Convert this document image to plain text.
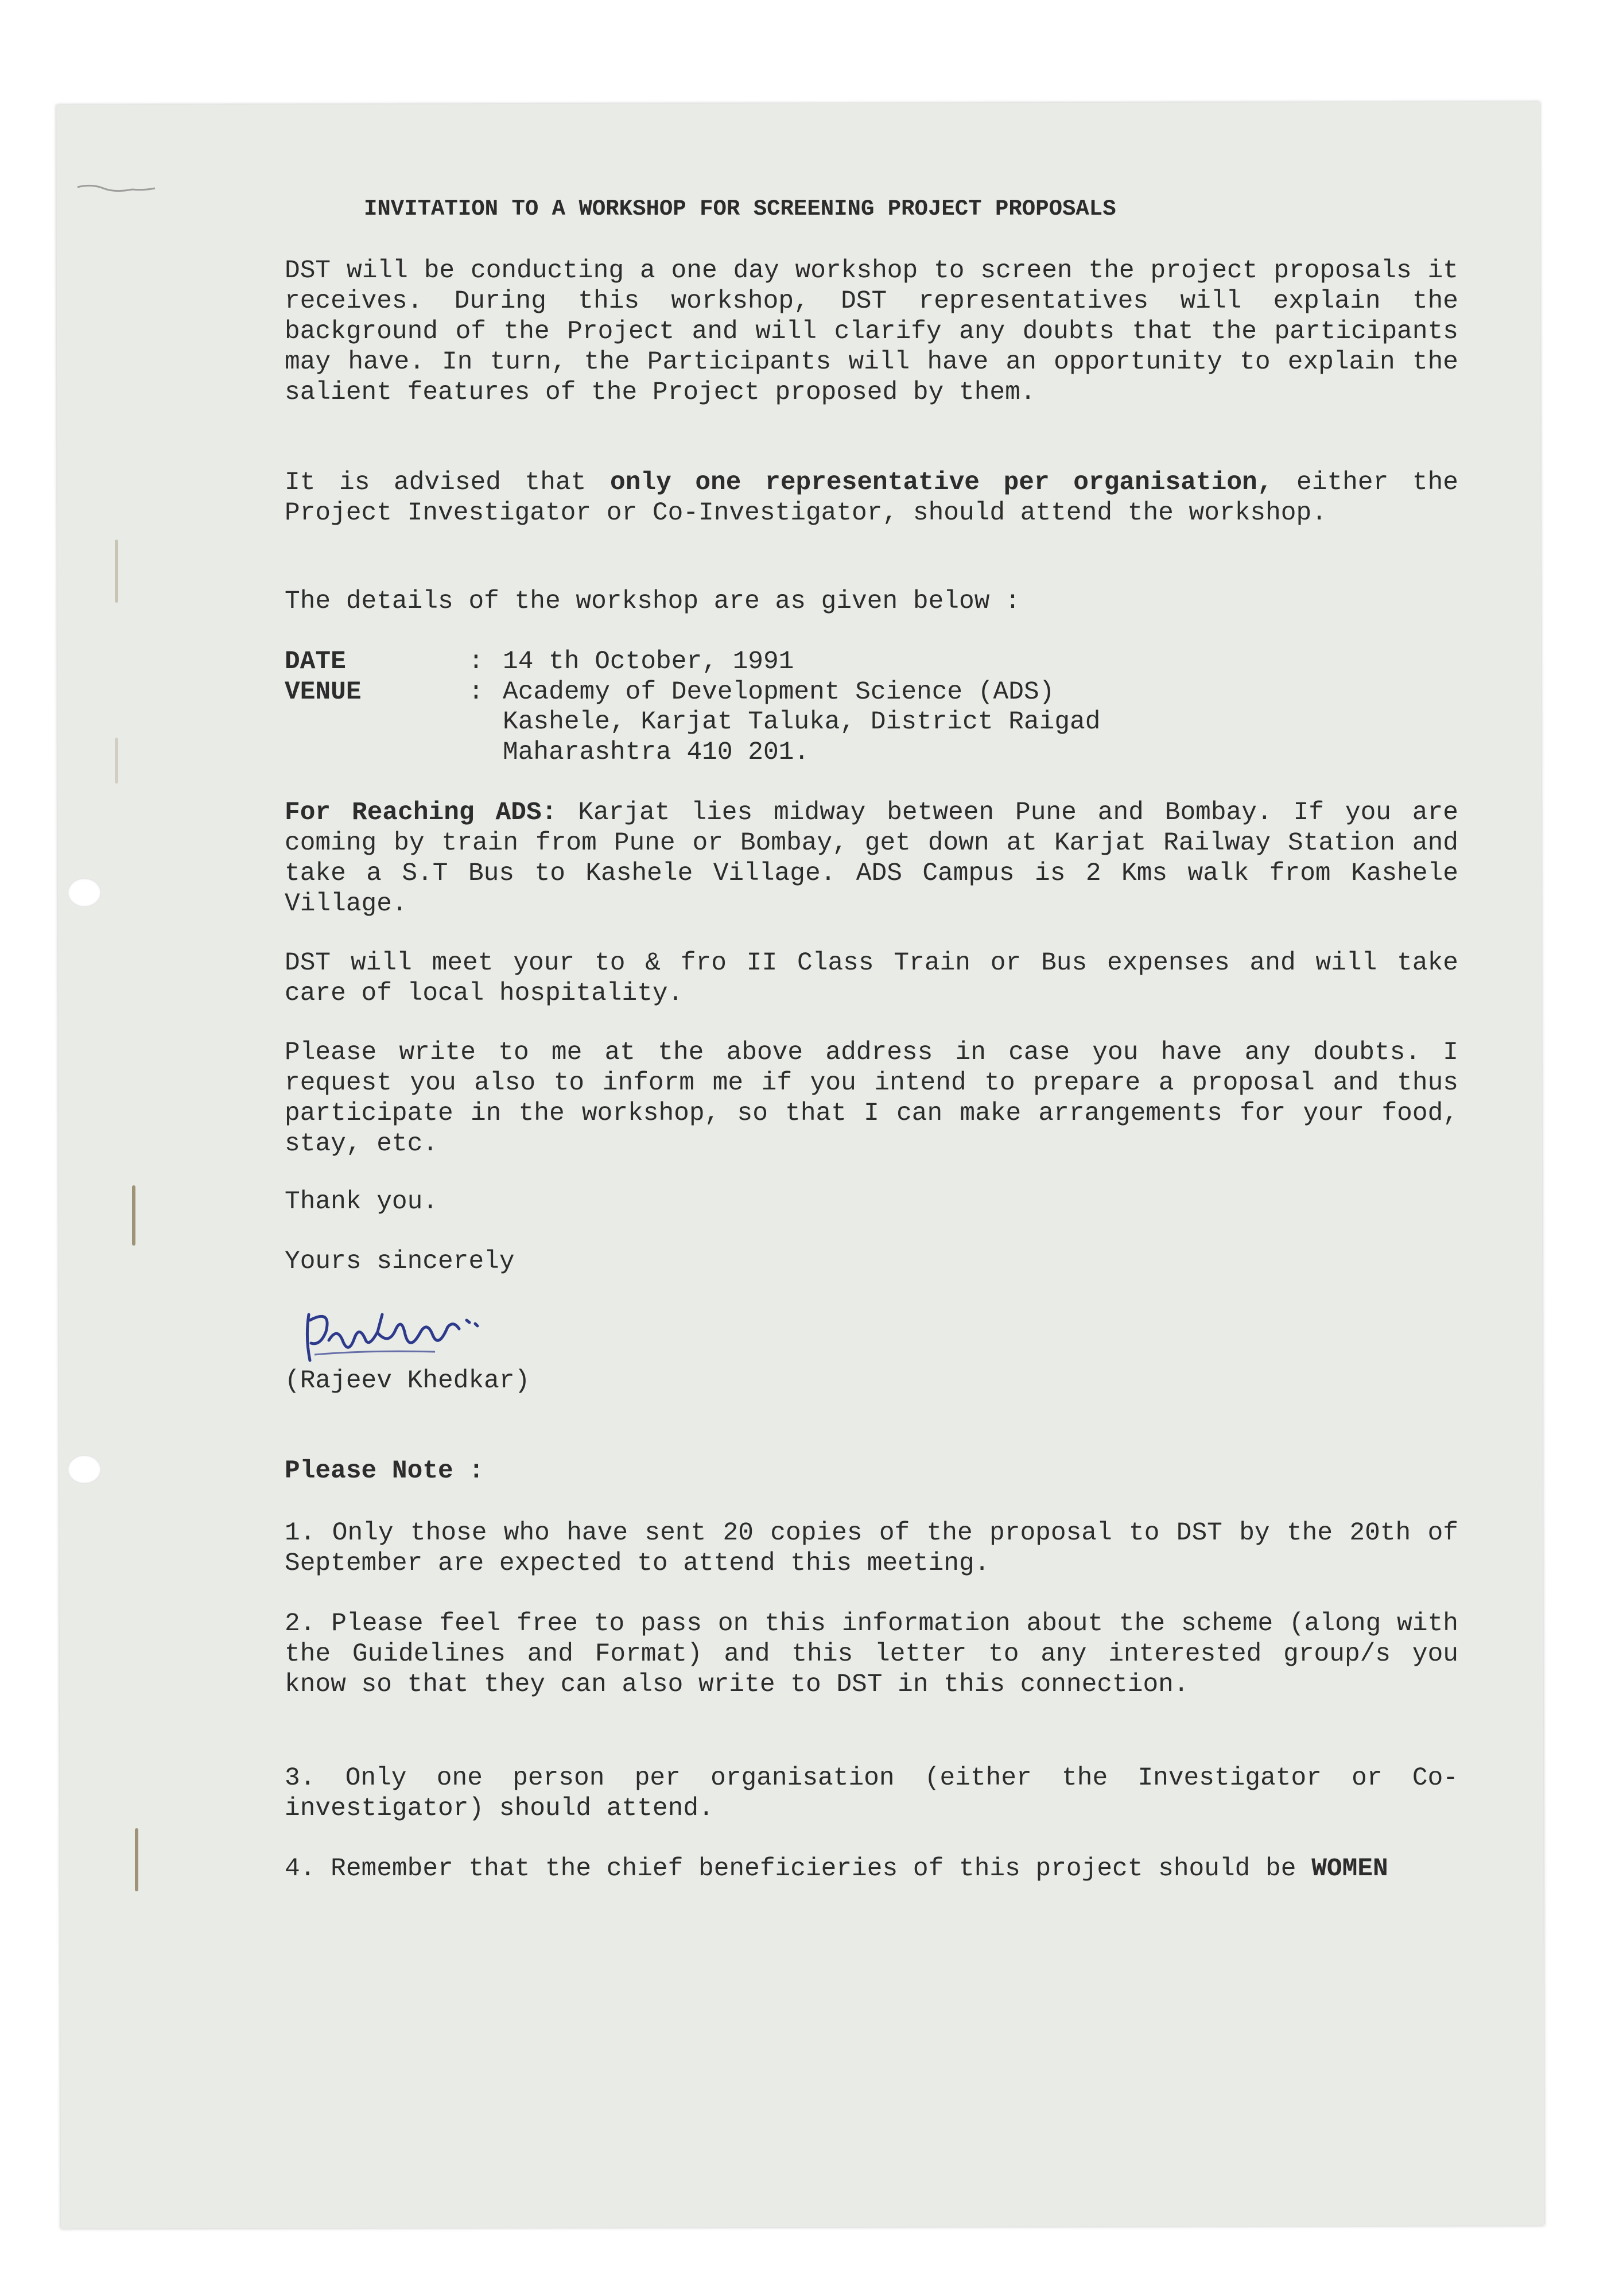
INVITATION TO A WORKSHOP FOR SCREENING PROJECT PROPOSALS
DST will be conducting a one day workshop to screen the project proposals it receives. During this workshop, DST representatives will explain the background of the Project and will clarify any doubts that the participants may have. In turn, the Participants will have an opportunity to explain the salient features of the Project proposed by them.
It is advised that only one representative per organisation, either the Project Investigator or Co-Investigator, should attend the workshop.
The details of the workshop are as given below :
DATE	: 14 th October, 1991
VENUE	: Academy of Development Science (ADS)
Kashele, Karjat Taluka, District Raigad
Maharashtra 410 201.
For Reaching ADS: Karjat lies midway between Pune and Bombay. If you are coming by train from Pune or Bombay, get down at Karjat Railway Station and take a S.T Bus to Kashele Village. ADS Campus is 2 Kms walk from Kashele Village.
DST will meet your to & fro II Class Train or Bus expenses and will take care of local hospitality.
Please write to me at the above address in case you have any doubts. I request you also to inform me if you intend to prepare a proposal and thus participate in the workshop, so that I can make arrangements for your food, stay, etc.
Thank you.
Yours sincerely
(Rajeev Khedkar)
Please Note :
1. Only those who have sent 20 copies of the proposal to DST by the 20th of September are expected to attend this meeting.
2. Please feel free to pass on this information about the scheme (along with the Guidelines and Format) and this letter to any interested group/s you know so that they can also write to DST in this connection.
3. Only one person per organisation (either the Investigator or Co-investigator) should attend.
4. Remember that the chief beneficieries of this project should be WOMEN
